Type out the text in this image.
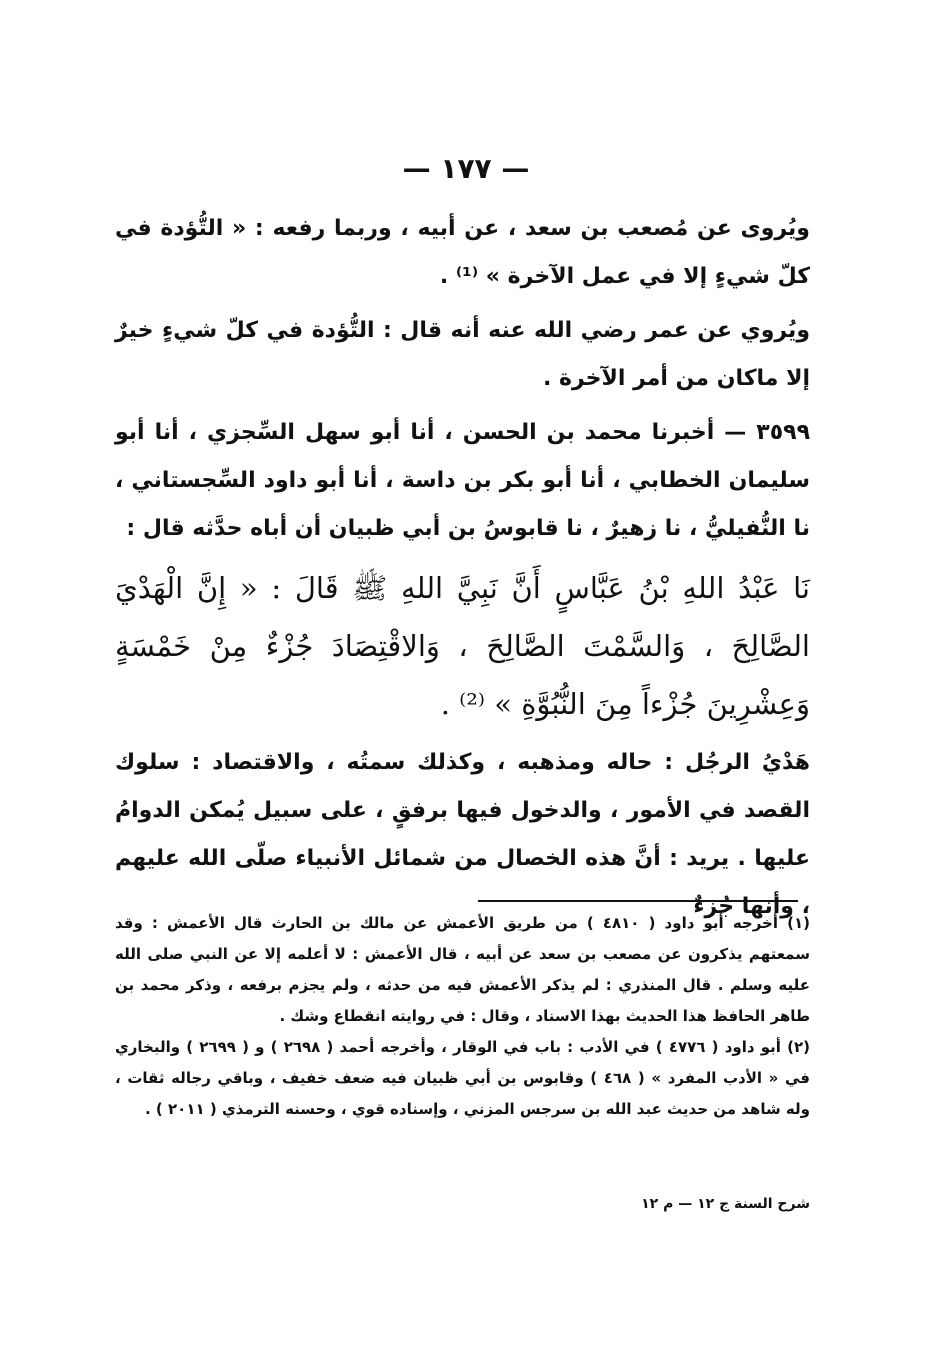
— ١٧٧ —

ويُروى عن مُصعب بن سعد ، عن أبيه ، وربما رفعه : « التُّؤدة في كلّ شيءٍ إلا في عمل الآخرة » ⁽¹⁾ .

ويُروي عن عمر رضي الله عنه أنه قال : التُّؤدة في كلّ شيءٍ خيرٌ إلا ماكان من أمر الآخرة .

٣٥٩٩ — أخبرنا محمد بن الحسن ، أنا أبو سهل السِّجزي ، أنا أبو سليمان الخطابي ، أنا أبو بكر بن داسة ، أنا أبو داود السِّجستاني ، نا النُّفيليُّ ، نا زهيرٌ ، نا قابوسُ بن أبي ظبيان أن أباه حدَّثه قال :

نَا عَبْدُ اللهِ بْنُ عَبَّاسٍ أَنَّ نَبِيَّ اللهِ ﷺ قَالَ : « إِنَّ الْهَدْيَ الصَّالِحَ ، وَالسَّمْتَ الصَّالِحَ ، وَالاقْتِصَادَ جُزْءٌ مِنْ خَمْسَةٍ وَعِشْرِينَ جُزْءاً مِنَ النُّبُوَّةِ » ⁽²⁾ .

هَدْيُ الرجُل : حاله ومذهبه ، وكذلك سمتُه ، والاقتصاد : سلوك القصد في الأمور ، والدخول فيها برفقٍ ، على سبيل يُمكن الدوامُ عليها . يريد : أنَّ هذه الخصال من شمائل الأنبياء صلّى الله عليهم ، وأنها جُزءٌ

(١) أخرجه أبو داود ( ٤٨١٠ ) من طريق الأعمش عن مالك بن الحارث قال الأعمش : وقد سمعتهم يذكرون عن مصعب بن سعد عن أبيه ، قال الأعمش : لا أعلمه إلا عن النبي صلى الله عليه وسلم . قال المنذري : لم يذكر الأعمش فيه من حدثه ، ولم يجزم برفعه ، وذكر محمد بن طاهر الحافظ هذا الحديث بهذا الاسناد ، وقال : في روايته انقطاع وشك .

(٢) أبو داود ( ٤٧٧٦ ) في الأدب : باب في الوقار ، وأخرجه أحمد ( ٢٦٩٨ ) و ( ٢٦٩٩ ) والبخاري في « الأدب المفرد » ( ٤٦٨ ) وقابوس بن أبي ظبيان فيه ضعف خفيف ، وباقي رجاله ثقات ، وله شاهد من حديث عبد الله بن سرجس المزني ، وإسناده قوي ، وحسنه الترمذي ( ٢٠١١ ) .

شرح السنة ج ١٢ — م ١٢
